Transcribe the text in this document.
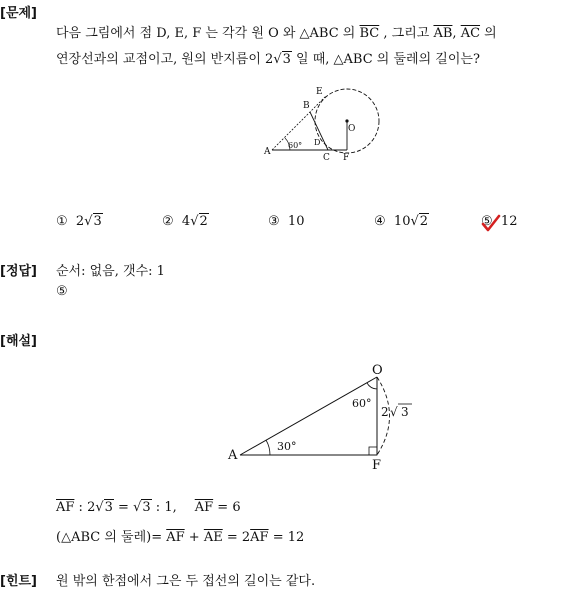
[문제]
다음 그림에서 점 D, E, F 는 각각 원 O 와 △ABC 의 $\overline{BC}$ , 그리고 $\overline{AB}$, $\overline{AC}$ 의
연장선과의 교점이고, 원의 반지름이 2√3 일 때, △ABC 의 둘레의 길이는?
E
B
O
A
D
C F
60°
① 2√3	② 4√2	③ 10	④ 10√2	⑤ 12
[정답] 순서: 없음, 갯수: 1
⑤
[해설]
O
A
F
30°
60°
2 √ 3
$\overline{AF}$ : 2√3 = √3 : 1, $\overline{AF} = 6$
(△ABC 의 둘레)= $\overline{AF} + \overline{AE} = 2\overline{AF} = 12$
[힌트] 원 밖의 한점에서 그은 두 접선의 길이는 같다.
